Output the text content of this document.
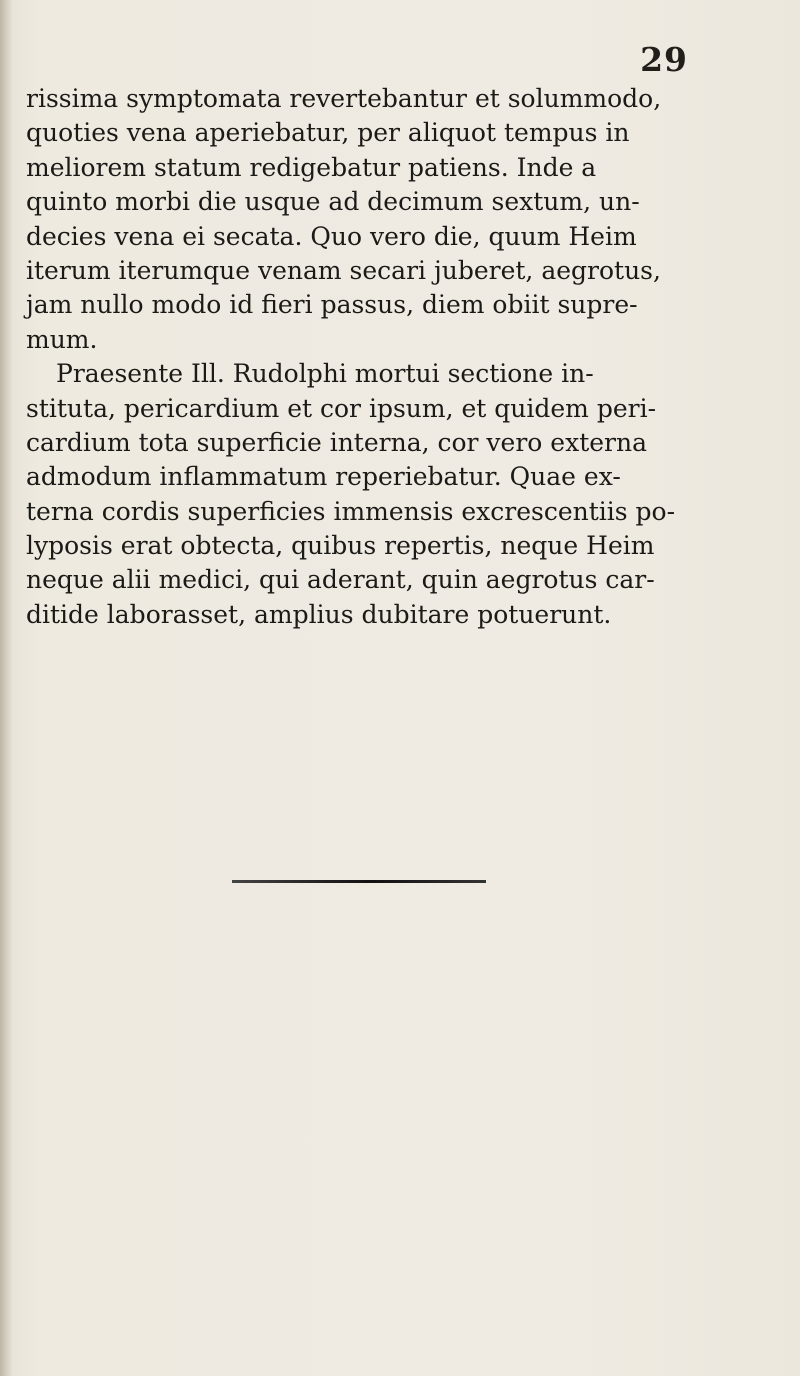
29
rissima symptomata revertebantur et solummodo,
quoties vena aperiebatur, per aliquot tempus in
meliorem statum redigebatur patiens. Inde a
quinto morbi die usque ad decimum sextum, un-
decies vena ei secata. Quo vero die, quum Heim
iterum iterumque venam secari juberet, aegrotus,
jam nullo modo id fieri passus, diem obiit supre-
mum.
Praesente Ill. Rudolphi mortui sectione in-
stituta, pericardium et cor ipsum, et quidem peri-
cardium tota superficie interna, cor vero externa
admodum inflammatum reperiebatur. Quae ex-
terna cordis superficies immensis excrescentiis po-
lyposis erat obtecta, quibus repertis, neque Heim
neque alii medici, qui aderant, quin aegrotus car-
ditide laborasset, amplius dubitare potuerunt.
